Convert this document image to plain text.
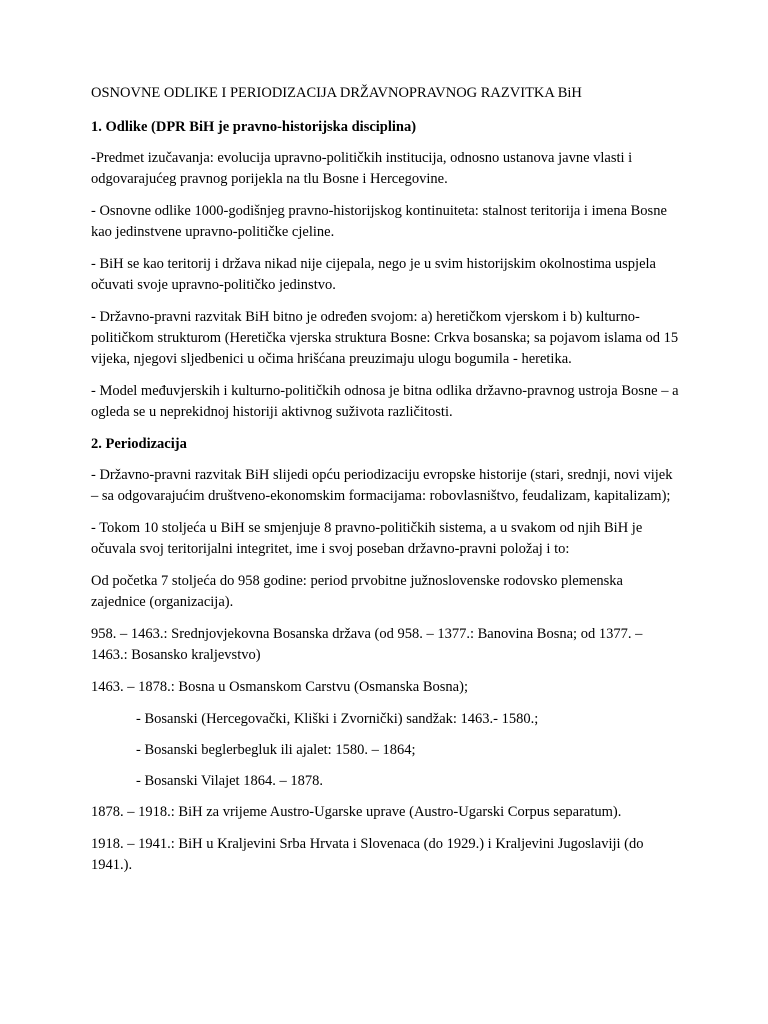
OSNOVNE ODLIKE I PERIODIZACIJA DRŽAVNOPRAVNOG RAZVITKA BiH
1. Odlike (DPR BiH je pravno-historijska disciplina)

-Predmet izučavanja: evolucija upravno-političkih institucija, odnosno ustanova javne vlasti i odgovarajućeg pravnog porijekla na tlu Bosne i Hercegovine.

- Osnovne odlike 1000-godišnjeg pravno-historijskog kontinuiteta: stalnost teritorija i imena Bosne kao jedinstvene upravno-političke cjeline.

- BiH se kao teritorij i država nikad nije cijepala, nego je u svim historijskim okolnostima uspjela očuvati svoje upravno-političko jedinstvo.

- Državno-pravni razvitak BiH bitno je određen svojom: a) heretičkom vjerskom i b) kulturno-političkom strukturom (Heretička vjerska struktura Bosne: Crkva bosanska; sa pojavom islama od 15 vijeka, njegovi sljedbenici u očima hrišćana preuzimaju ulogu bogumila - heretika.

- Model međuvjerskih i kulturno-političkih odnosa je bitna odlika državno-pravnog ustroja Bosne – a ogleda se u neprekidnoj historiji aktivnog suživota različitosti.

2. Periodizacija

- Državno-pravni razvitak BiH slijedi opću periodizaciju evropske historije (stari, srednji, novi vijek – sa odgovarajućim društveno-ekonomskim formacijama: robovlasništvo, feudalizam, kapitalizam);

- Tokom 10 stoljeća u BiH se smjenjuje 8 pravno-političkih sistema, a u svakom od njih BiH je očuvala svoj teritorijalni integritet, ime i svoj poseban državno-pravni položaj i to:

Od početka 7 stoljeća do 958 godine: period prvobitne južnoslovenske rodovsko plemenska zajednice (organizacija).

958. – 1463.: Srednjovjekovna Bosanska država (od 958. – 1377.: Banovina Bosna; od 1377. – 1463.: Bosansko kraljevstvo)

1463. – 1878.: Bosna u Osmanskom Carstvu (Osmanska Bosna);

- Bosanski (Hercegovački, Kliški i Zvornički) sandžak: 1463.- 1580.;

- Bosanski beglerbegluk ili ajalet: 1580. – 1864;

- Bosanski Vilajet 1864. – 1878.

1878. – 1918.: BiH za vrijeme Austro-Ugarske uprave (Austro-Ugarski Corpus separatum).

1918. – 1941.: BiH u Kraljevini Srba Hrvata i Slovenaca (do 1929.) i Kraljevini Jugoslaviji (do 1941.).
